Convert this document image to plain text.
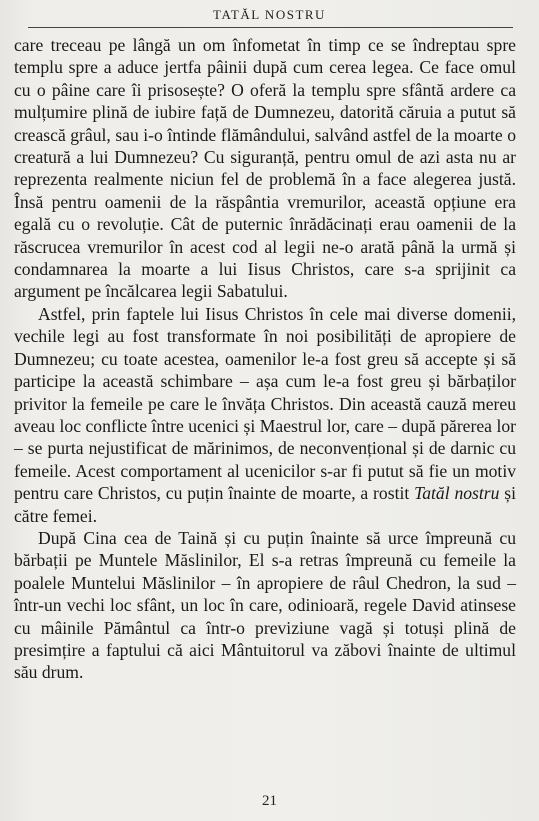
TATĂL NOSTRU

care treceau pe lângă un om înfometat în timp ce se îndreptau spre templu spre a aduce jertfa pâinii după cum cerea legea. Ce face omul cu o pâine care îi prisosește? O oferă la templu spre sfântă ardere ca mulțumire plină de iubire față de Dumnezeu, datorită căruia a putut să crească grâul, sau i-o întinde flămândului, salvând astfel de la moarte o creatură a lui Dumnezeu? Cu siguranță, pentru omul de azi asta nu ar reprezenta realmente niciun fel de problemă în a face alegerea justă. Însă pentru oamenii de la răspântia vremurilor, această opțiune era egală cu o revoluție. Cât de puternic înrădăcinați erau oamenii de la răscrucea vremurilor în acest cod al legii ne-o arată până la urmă și condamnarea la moarte a lui Iisus Christos, care s-a sprijinit ca argument pe încălcarea legii Sabatului.

Astfel, prin faptele lui Iisus Christos în cele mai diverse domenii, vechile legi au fost transformate în noi posibilități de apropiere de Dumnezeu; cu toate acestea, oamenilor le-a fost greu să accepte și să participe la această schimbare – așa cum le-a fost greu și bărbaților privitor la femeile pe care le învăța Christos. Din această cauză mereu aveau loc conflicte între ucenici și Maestrul lor, care – după părerea lor – se purta nejustificat de mărinimos, de neconvențional și de darnic cu femeile. Acest comportament al ucenicilor s-ar fi putut să fie un motiv pentru care Christos, cu puțin înainte de moarte, a rostit Tatăl nostru și către femei.

După Cina cea de Taină și cu puțin înainte să urce împreună cu bărbații pe Muntele Măslinilor, El s-a retras împreună cu femeile la poalele Muntelui Măslinilor – în apropiere de râul Chedron, la sud – într-un vechi loc sfânt, un loc în care, odinioară, regele David atinsese cu mâinile Pământul ca într-o previziune vagă și totuși plină de presimțire a faptului că aici Mântuitorul va zăbovi înainte de ultimul său drum.

21
